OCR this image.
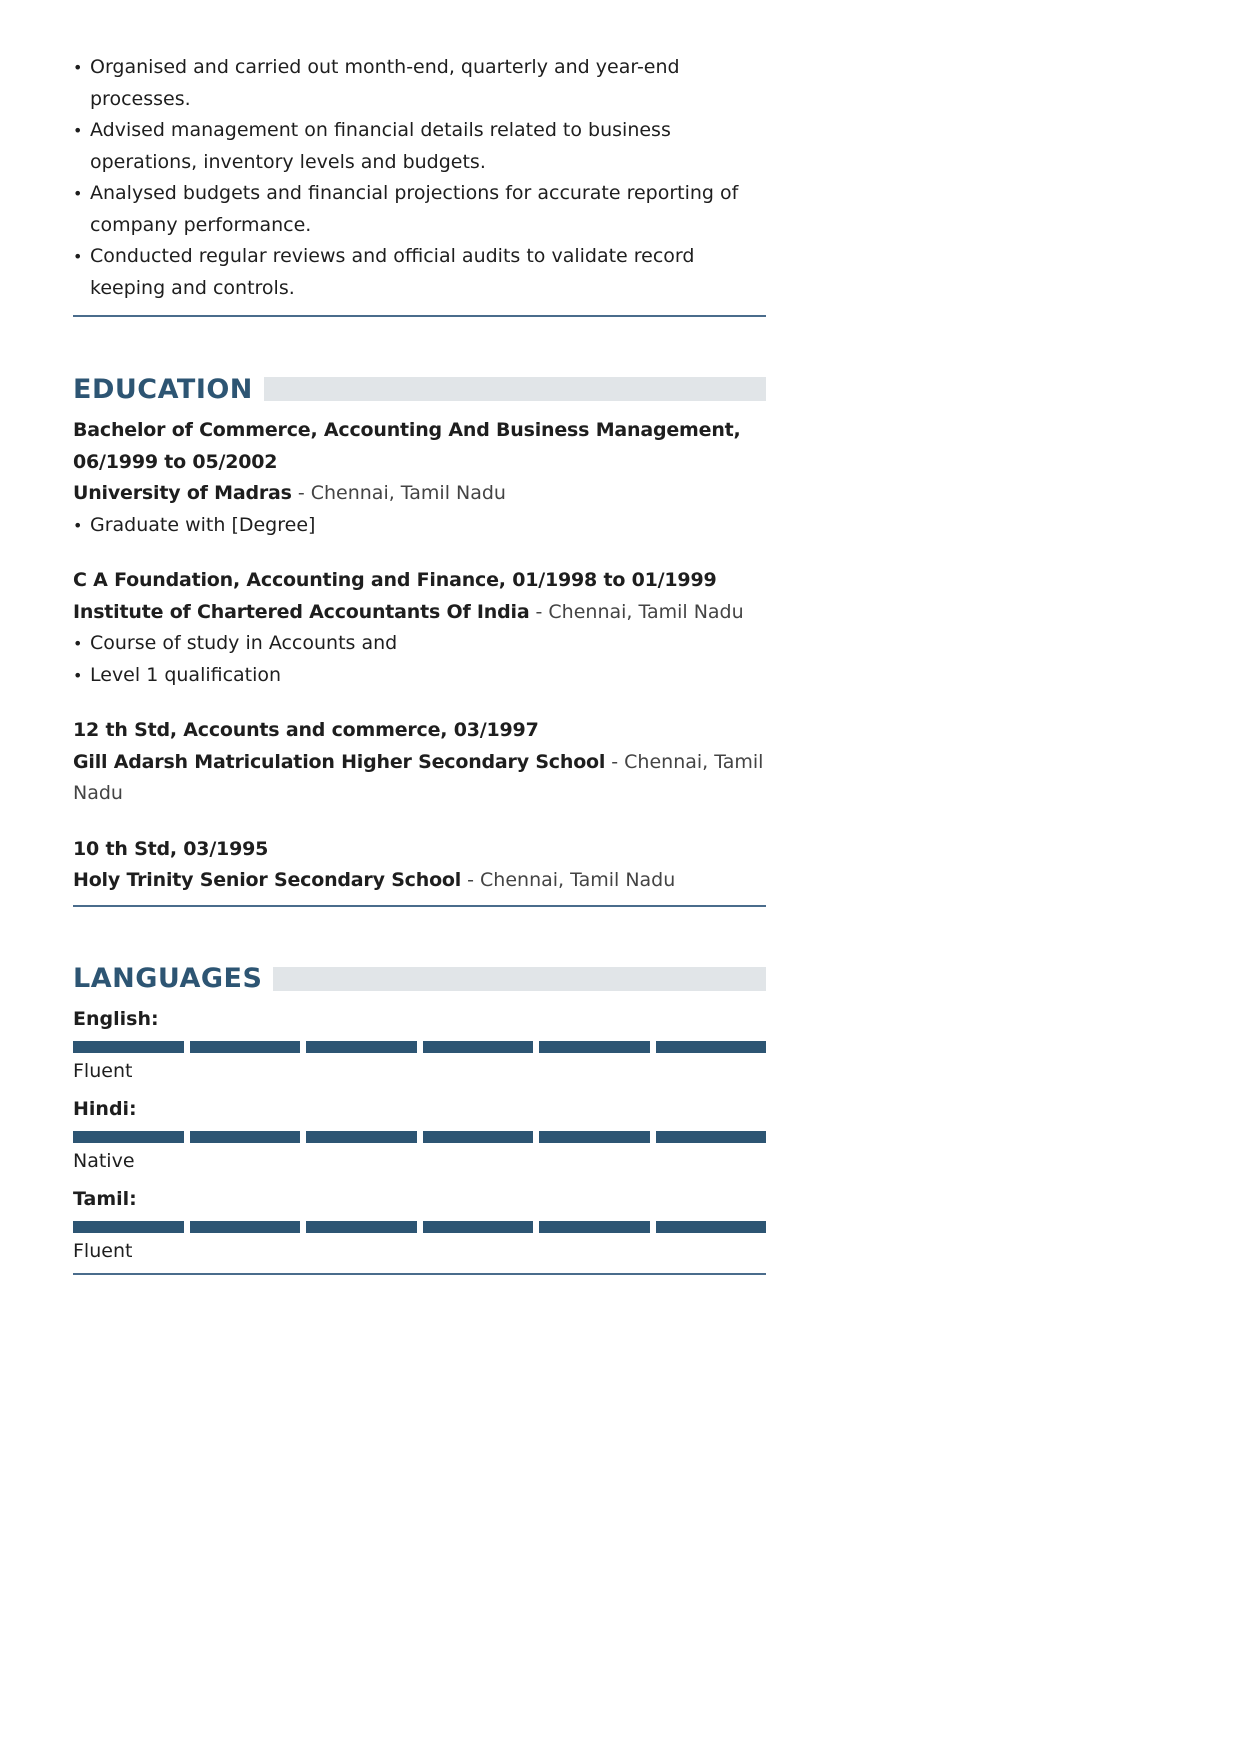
• Organised and carried out month-end, quarterly and year-end processes.
• Advised management on financial details related to business operations, inventory levels and budgets.
• Analysed budgets and financial projections for accurate reporting of company performance.
• Conducted regular reviews and official audits to validate record keeping and controls.
EDUCATION
Bachelor of Commerce, Accounting And Business Management, 06/1999 to 05/2002
University of Madras - Chennai, Tamil Nadu
• Graduate with [Degree]
C A Foundation, Accounting and Finance, 01/1998 to 01/1999
Institute of Chartered Accountants Of India - Chennai, Tamil Nadu
• Course of study in Accounts and
• Level 1 qualification
12 th Std, Accounts and commerce, 03/1997
Gill Adarsh Matriculation Higher Secondary School - Chennai, Tamil Nadu
10 th Std, 03/1995
Holy Trinity Senior Secondary School - Chennai, Tamil Nadu
LANGUAGES
English:
Fluent
Hindi:
Native
Tamil:
Fluent
